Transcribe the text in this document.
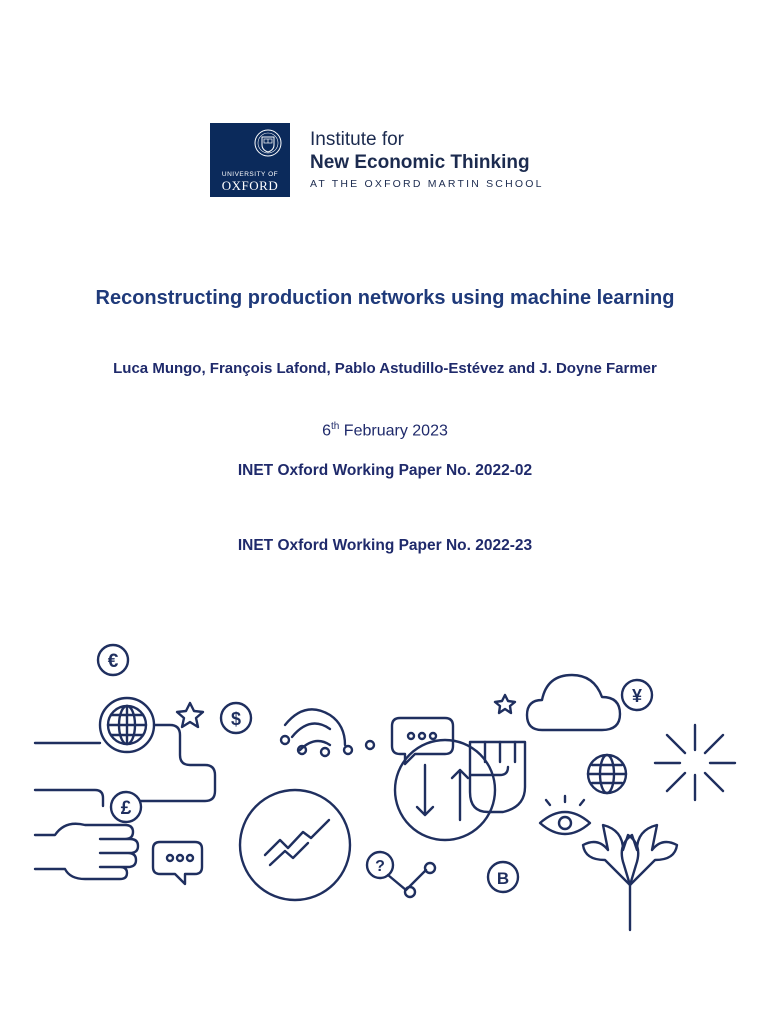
UNIVERSITY OF
OXFORD
Institute for
New Economic Thinking
AT THE OXFORD MARTIN SCHOOL
Reconstructing production networks using machine learning
Luca Mungo, François Lafond, Pablo Astudillo-Estévez and J. Doyne Farmer
6th February 2023
INET Oxford Working Paper No. 2022-02
INET Oxford Working Paper No. 2022-23
€
£
$
¥
?
B
